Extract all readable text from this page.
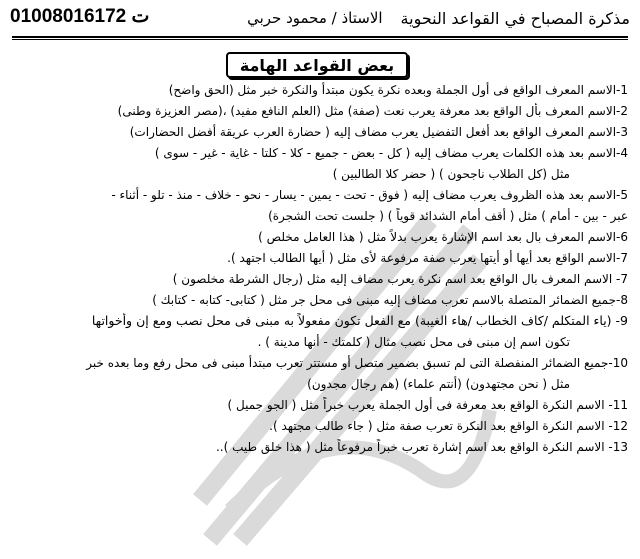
01008016172 ت	مذكرة المصباح في القواعد النحوية
الاستاذ / محمود حربي
بعض القواعد الهامة
1-الاسم المعرف الواقع فى أول الجملة وبعده نكرة يكون مبتدأ والنكرة خبر مثل (الحق واضح)
2-الاسم المعرف بأل الواقع بعد معرفة يعرب نعت (صفة) مثل (العلم النافع مفيد) ،(مصر العزيزة وطنى)
3-الاسم المعرف الواقع بعد أفعل التفضيل يعرب مضاف إليه ( حضارة العرب عريقة أفضل الحضارات)
4-الاسم بعد هذه الكلمات يعرب مضاف إليه ( كل - بعض - جميع - كلا - كلتا - غاية - غير - سوى )
مثل (كل الطلاب ناجحون ) ( حضر كلا الطالبين )
5-الاسم بعد هذه الظروف يعرب مضاف إليه ( فوق - تحت - يمين - يسار - نحو - خلاف - منذ - تلو - أثناء -
عبر - بين - أمام ) مثل ( أقف أمام الشدائد قوياً ) ( جلست تحت الشجرة)
6-الاسم المعرف بال بعد اسم الإشارة يعرب بدلاً مثل ( هذا العامل مخلص )
7-الاسم الواقع بعد أيها أو أيتها يعرب صفة مرفوعة لأى مثل ( أيها الطالب اجتهد ).
7- الاسم المعرف بال الواقع بعد اسم نكرة يعرب مضاف إليه مثل (رجال الشرطة مخلصون )
8-جميع الضمائر المتصلة بالاسم تعرب مضاف إليه مبنى فى محل جر مثل ( كتابى- كتابه - كتابك )
9- (ياء المتكلم /كاف الخطاب /هاء الغيبة) مع الفعل تكون مفعولاً به مبنى فى محل نصب ومع إن وأخواتها
تكون اسم إن مبنى فى محل نصب مثال ( كلمتك - أنها مدينة ) .
10-جميع الضمائر المنفصلة التى لم تسبق بضمير متصل أو مستتر تعرب مبتدأ مبنى فى محل رفع وما بعده خبر
مثل ( نحن مجتهدون) (أنتم علماء) (هم رجال مجدون)
11- الاسم النكرة الواقع بعد معرفة فى أول الجملة يعرب خبراً مثل ( الجو جميل )
12- الاسم النكرة الواقع بعد النكرة تعرب صفة مثل ( جاء طالب مجتهد ).
13- الاسم النكرة الواقع بعد اسم إشارة تعرب خبراً مرفوعاً مثل ( هذا خلق طيب )..
